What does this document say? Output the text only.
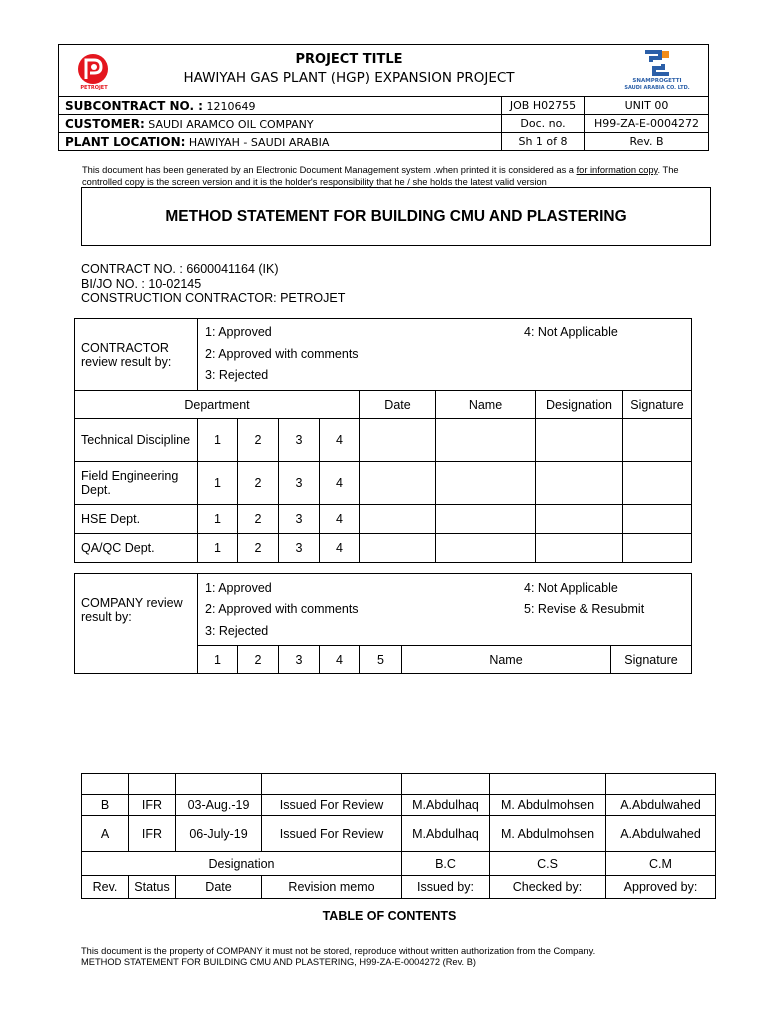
PETROJET
PROJECT TITLE
HAWIYAH GAS PLANT (HGP) EXPANSION PROJECT SNAMPROGETTI
SAUDI ARABIA CO. LTD.		

SUBCONTRACT NO. : 1210649	JOB H02755	UNIT 00
CUSTOMER: SAUDI ARAMCO OIL COMPANY	Doc. no.	H99-ZA-E-0004272
PLANT LOCATION: HAWIYAH - SAUDI ARABIA	Sh 1 of 8	Rev. B
This document has been generated by an Electronic Document Management system .when printed it is considered as a for information copy. The controlled copy is the screen version and it is the holder's responsibility that he / she holds the latest valid version
METHOD STATEMENT FOR BUILDING CMU AND PLASTERING
CONTRACT NO. : 6600041164 (IK)
BI/JO NO. : 10-02145
CONSTRUCTION CONTRACTOR: PETROJET
CONTRACTOR review result by:	1: Approved
2: Approved with comments
3: Rejected
4: Not Applicable							

Department					Date	Name	Designation	Signature
Technical Discipline	1	2	3	4				
Field Engineering Dept.	1	2	3	4				
HSE Dept.	1	2	3	4				
QA/QC Dept.	1	2	3	4				
COMPANY review result by:	1: Approved
2: Approved with comments
3: Rejected
4: Not Applicable
5: Revise & Resubmit						

	1	2	3	4	5	Name	Signature

B	IFR	03-Aug.-19	Issued For Review	M.Abdulhaq	M. Abdulmohsen	A.Abdulwahed
A	IFR	06-July-19	Issued For Review	M.Abdulhaq	M. Abdulmohsen	A.Abdulwahed
Designation				B.C	C.S	C.M
Rev.	Status	Date	Revision memo	Issued by:	Checked by:	Approved by:
TABLE OF CONTENTS
This document is the property of COMPANY it must not be stored, reproduce without written authorization from the Company.
METHOD STATEMENT FOR BUILDING CMU AND PLASTERING, H99-ZA-E-0004272 (Rev. B)
